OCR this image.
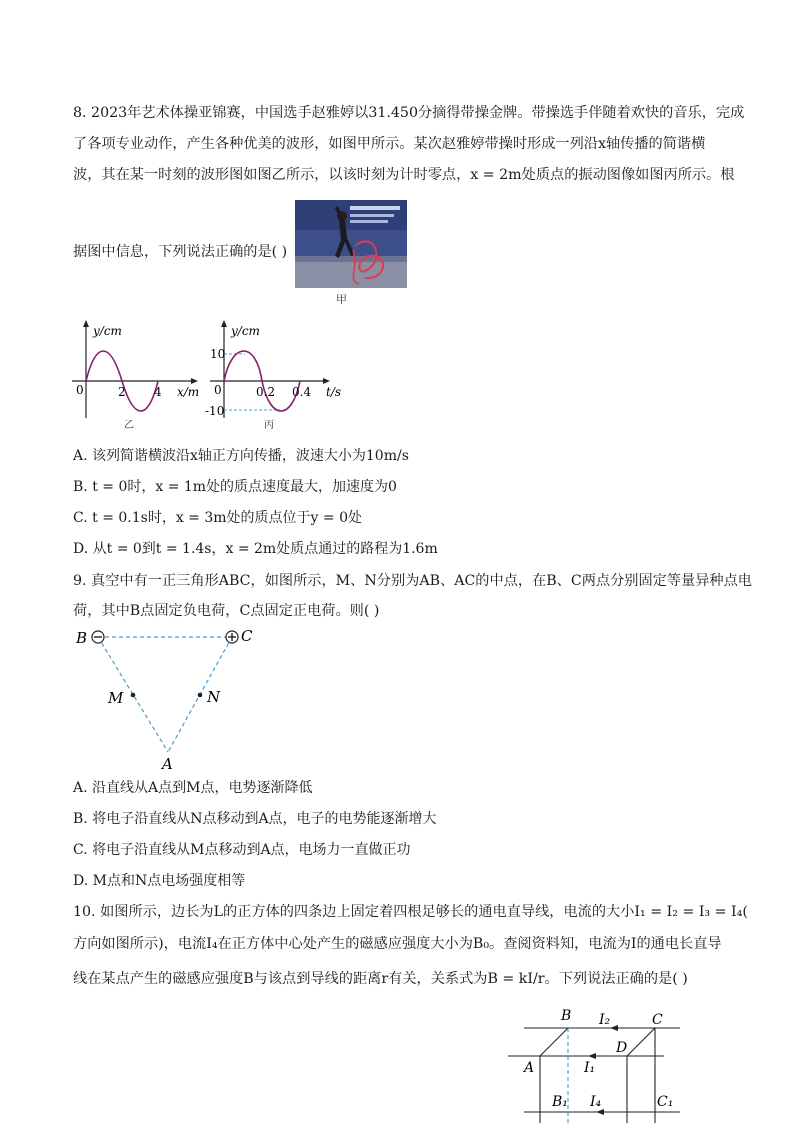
8. 2023年艺术体操亚锦赛，中国选手赵雅婷以31.450分摘得带操金牌。带操选手伴随着欢快的音乐，完成
了各项专业动作，产生各种优美的波形，如图甲所示。某次赵雅婷带操时形成一列沿x轴传播的简谐横
波，其在某一时刻的波形图如图乙所示，以该时刻为计时零点，x = 2m处质点的振动图像如图丙所示。根
据图中信息，下列说法正确的是( )
甲
y/cm
x/m
0	2 4
乙
y/cm
t/s
0	0.2 0.4
10
-10
丙
A. 该列简谐横波沿x轴正方向传播，波速大小为10m/s
B. t = 0时，x = 1m处的质点速度最大，加速度为0
C. t = 0.1s时，x = 3m处的质点位于y = 0处
D. 从t = 0到t = 1.4s，x = 2m处质点通过的路程为1.6m
9. 真空中有一正三角形ABC，如图所示，M、N分别为AB、AC的中点，在B、C两点分别固定等量异种点电
荷，其中B点固定负电荷，C点固定正电荷。则( )
B	C
A
M	N
A. 沿直线从A点到M点，电势逐渐降低
B. 将电子沿直线从N点移动到A点，电子的电势能逐渐增大
C. 将电子沿直线从M点移动到A点，电场力一直做正功
D. M点和N点电场强度相等
10. 如图所示，边长为L的正方体的四条边上固定着四根足够长的通电直导线，电流的大小I₁ = I₂ = I₃ = I₄(
方向如图所示)，电流I₄在正方体中心处产生的磁感应强度大小为B₀。查阅资料知，电流为I的通电长直导
线在某点产生的磁感应强度B与该点到导线的距离r有关，关系式为B = kI/r。下列说法正确的是( )
B	C
A
D
B₁	C₁
I₂
I₁
I₄
